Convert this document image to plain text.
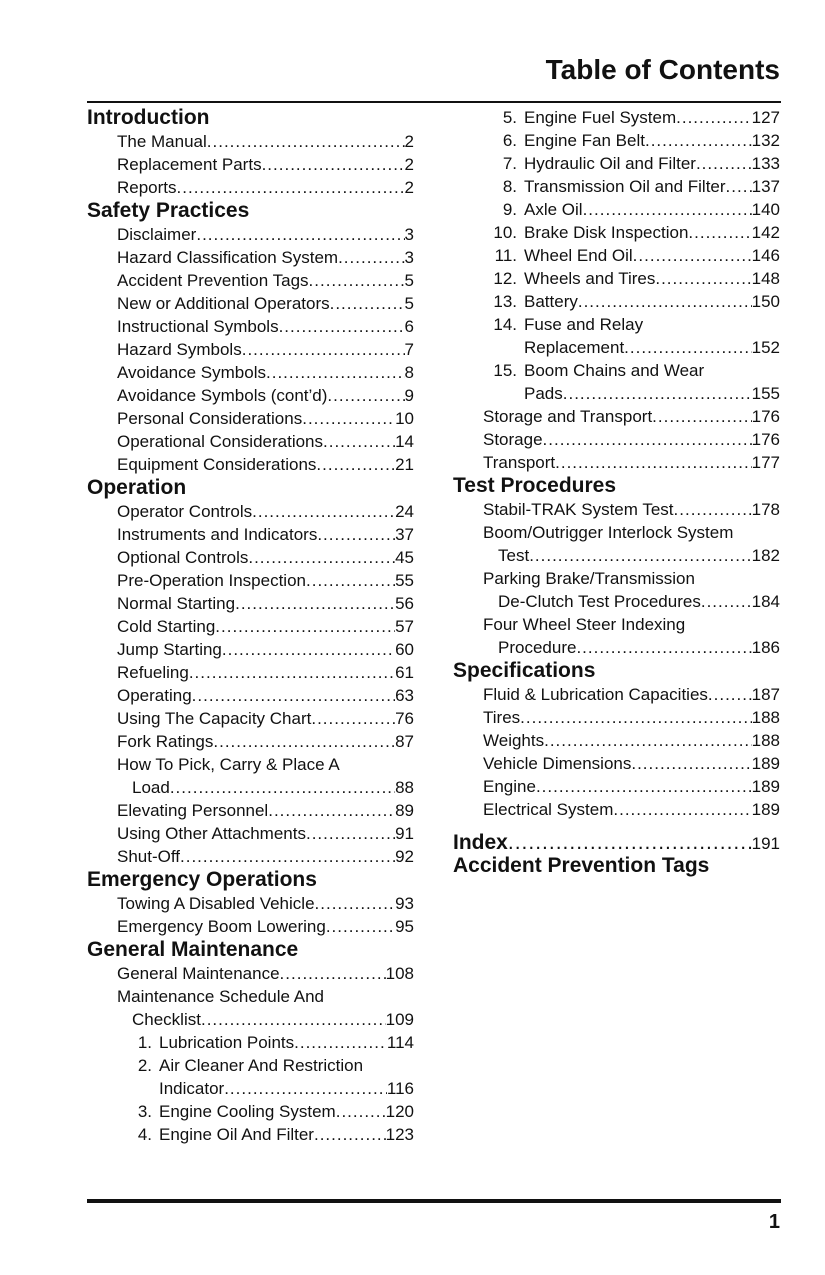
Table of Contents
Introduction
The Manual .....	2
Replacement Parts .....	2
Reports .....	2
Safety Practices
Disclaimer .....	3
Hazard Classification System .....	3
Accident Prevention Tags .....	5
New or Additional Operators .....	5
Instructional Symbols .....	6
Hazard Symbols .....	7
Avoidance Symbols .....	8
Avoidance Symbols (cont’d) .....	9
Personal Considerations .....	10
Operational Considerations .....	14
Equipment Considerations .....	21
Operation
Operator Controls .....	24
Instruments and Indicators .....	37
Optional Controls .....	45
Pre-Operation Inspection .....	55
Normal Starting .....	56
Cold Starting .....	57
Jump Starting .....	60
Refueling .....	61
Operating .....	63
Using The Capacity Chart .....	76
Fork Ratings .....	87
How To Pick, Carry & Place A
Load .....	88
Elevating Personnel .....	89
Using Other Attachments .....	91
Shut-Off .....	92
Emergency Operations
Towing A Disabled Vehicle .....	93
Emergency Boom Lowering .....	95
General Maintenance
General Maintenance .....	108
Maintenance Schedule And
Checklist .....	109
1. Lubrication Points .....	114
2. Air Cleaner And Restriction
Indicator .....	116
3. Engine Cooling System .....	120
4. Engine Oil And Filter .....	123
5. Engine Fuel System .....	127
6. Engine Fan Belt .....	132
7. Hydraulic Oil and Filter .....	133
8. Transmission Oil and Filter ..... 137
9. Axle Oil .....	140
10. Brake Disk Inspection .....	142
11. Wheel End Oil .....	146
12. Wheels and Tires .....	148
13. Battery .....	150
14. Fuse and Relay
Replacement .....	152
15. Boom Chains and Wear
Pads .....	155
Storage and Transport .....	176
Storage .....	176
Transport .....	177
Test Procedures
Stabil-TRAK System Test .....	178
Boom/Outrigger Interlock System
Test .....	182
Parking Brake/Transmission
De-Clutch Test Procedures .....	184
Four Wheel Steer Indexing
Procedure .....	186
Specifications
Fluid & Lubrication Capacities .....	187
Tires .....	188
Weights .....	188
Vehicle Dimensions .....	189
Engine .....	189
Electrical System .....	189
Index .....	191
Accident Prevention Tags
1
